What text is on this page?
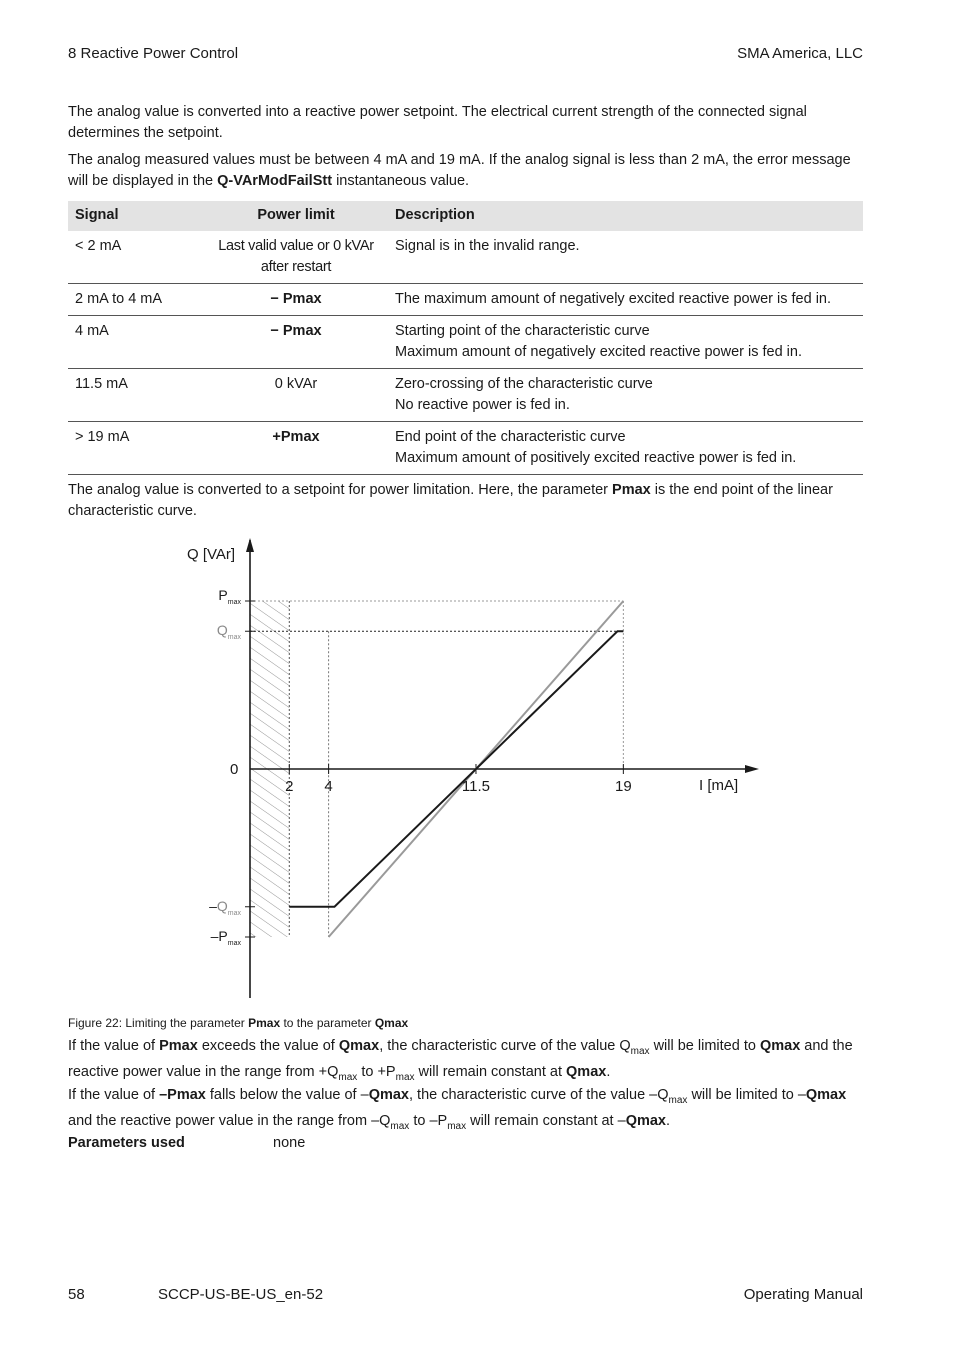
8 Reactive Power Control	SMA America, LLC

The analog value is converted into a reactive power setpoint. The electrical current strength of the connected signal determines the setpoint.

The analog measured values must be between 4 mA and 19 mA. If the analog signal is less than 2 mA, the error message will be displayed in the Q-VArModFailStt instantaneous value.

Signal	Power limit	Description
< 2 mA	Last valid value or 0 kVAr after restart	Signal is in the invalid range.

2 mA to 4 mA	− Pmax	The maximum amount of negatively excited reactive power is fed in.

4 mA	− Pmax	Starting point of the characteristic curve
Maximum amount of negatively excited reactive power is fed in.

11.5 mA	0 kVAr	Zero-crossing of the characteristic curve
No reactive power is fed in.

> 19 mA	+Pmax	End point of the characteristic curve
Maximum amount of positively excited reactive power is fed in.

The analog value is converted to a setpoint for power limitation. Here, the parameter Pmax is the end point of the linear characteristic curve.

Q [VAr]
I [mA]
0
$P_{max}$
$Q_{max}$
$-Q_{max}$
$-P_{max}$
2 4	11.5	19
Figure 22: Limiting the parameter Pmax to the parameter Qmax

If the value of Pmax exceeds the value of Qmax, the characteristic curve of the value $Q_{max}$ will be limited to Qmax and the reactive power value in the range from $+Q_{max}$ to $+P_{max}$ will remain constant at Qmax.

If the value of –Pmax falls below the value of –Qmax, the characteristic curve of the value $-Q_{max}$ will be limited to –Qmax and the reactive power value in the range from $-Q_{max}$ to $-P_{max}$ will remain constant at –Qmax.

Parameters used	none
58	SCCP-US-BE-US_en-52	Operating Manual
